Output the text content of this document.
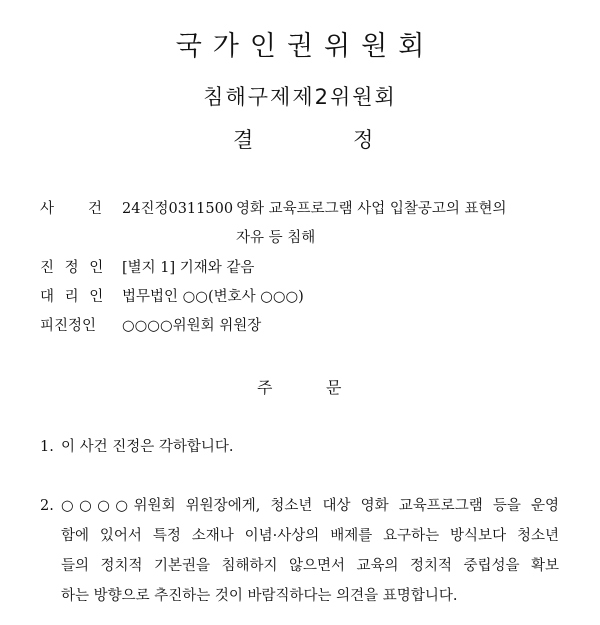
국가인권위원회
침해구제제2위원회
결	정
사 건 24진정0311500 영화 교육프로그램 사업 입찰공고의 표현의
자유 등 침해
진 정 인 [별지 1] 기재와 같음
대 리 인 법무법인 ○○(변호사 ○○○)
피진정인 ○○○○위원회 위원장
주	문
1. 이 사건 진정은 각하합니다.
2. ○○○○위원회 위원장에게, 청소년 대상 영화 교육프로그램 등을 운영
함에 있어서 특정 소재나 이념·사상의 배제를 요구하는 방식보다 청소년
들의 정치적 기본권을 침해하지 않으면서 교육의 정치적 중립성을 확보
하는 방향으로 추진하는 것이 바람직하다는 의견을 표명합니다.
